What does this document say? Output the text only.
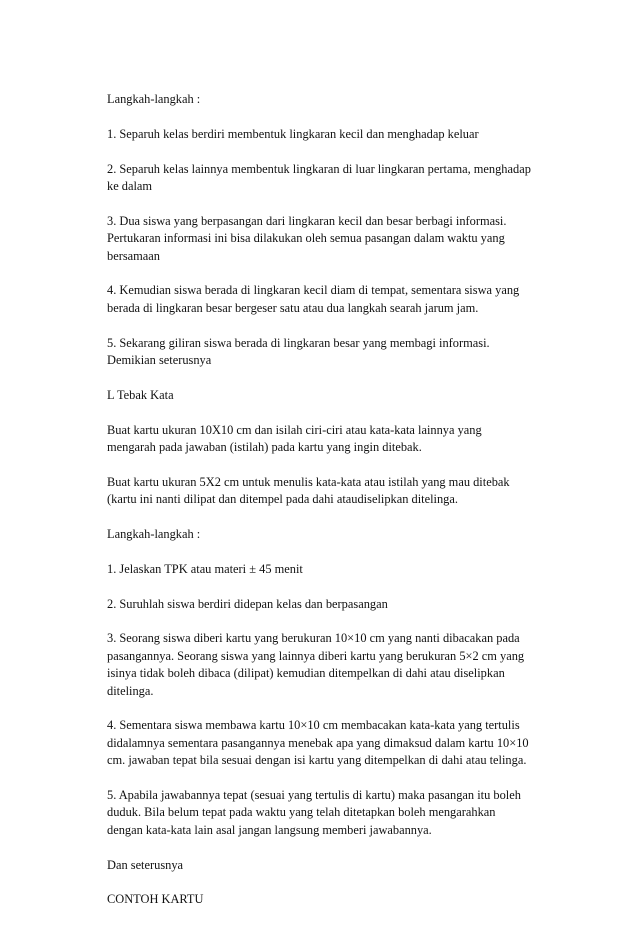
Langkah-langkah :

1. Separuh kelas berdiri membentuk lingkaran kecil dan menghadap keluar

2. Separuh kelas lainnya membentuk lingkaran di luar lingkaran pertama, menghadap
ke dalam

3. Dua siswa yang berpasangan dari lingkaran kecil dan besar berbagi informasi.
Pertukaran informasi ini bisa dilakukan oleh semua pasangan dalam waktu yang
bersamaan

4. Kemudian siswa berada di lingkaran kecil diam di tempat, sementara siswa yang
berada di lingkaran besar bergeser satu atau dua langkah searah jarum jam.

5. Sekarang giliran siswa berada di lingkaran besar yang membagi informasi.
Demikian seterusnya

L Tebak Kata

Buat kartu ukuran 10X10 cm dan isilah ciri-ciri atau kata-kata lainnya yang
mengarah pada jawaban (istilah) pada kartu yang ingin ditebak.

Buat kartu ukuran 5X2 cm untuk menulis kata-kata atau istilah yang mau ditebak
(kartu ini nanti dilipat dan ditempel pada dahi ataudiselipkan ditelinga.

Langkah-langkah :

1. Jelaskan TPK atau materi ± 45 menit

2. Suruhlah siswa berdiri didepan kelas dan berpasangan

3. Seorang siswa diberi kartu yang berukuran 10×10 cm yang nanti dibacakan pada
pasangannya. Seorang siswa yang lainnya diberi kartu yang berukuran 5×2 cm yang
isinya tidak boleh dibaca (dilipat) kemudian ditempelkan di dahi atau diselipkan
ditelinga.

4. Sementara siswa membawa kartu 10×10 cm membacakan kata-kata yang tertulis
didalamnya sementara pasangannya menebak apa yang dimaksud dalam kartu 10×10
cm. jawaban tepat bila sesuai dengan isi kartu yang ditempelkan di dahi atau telinga.

5. Apabila jawabannya tepat (sesuai yang tertulis di kartu) maka pasangan itu boleh
duduk. Bila belum tepat pada waktu yang telah ditetapkan boleh mengarahkan
dengan kata-kata lain asal jangan langsung memberi jawabannya.

Dan seterusnya

CONTOH KARTU
